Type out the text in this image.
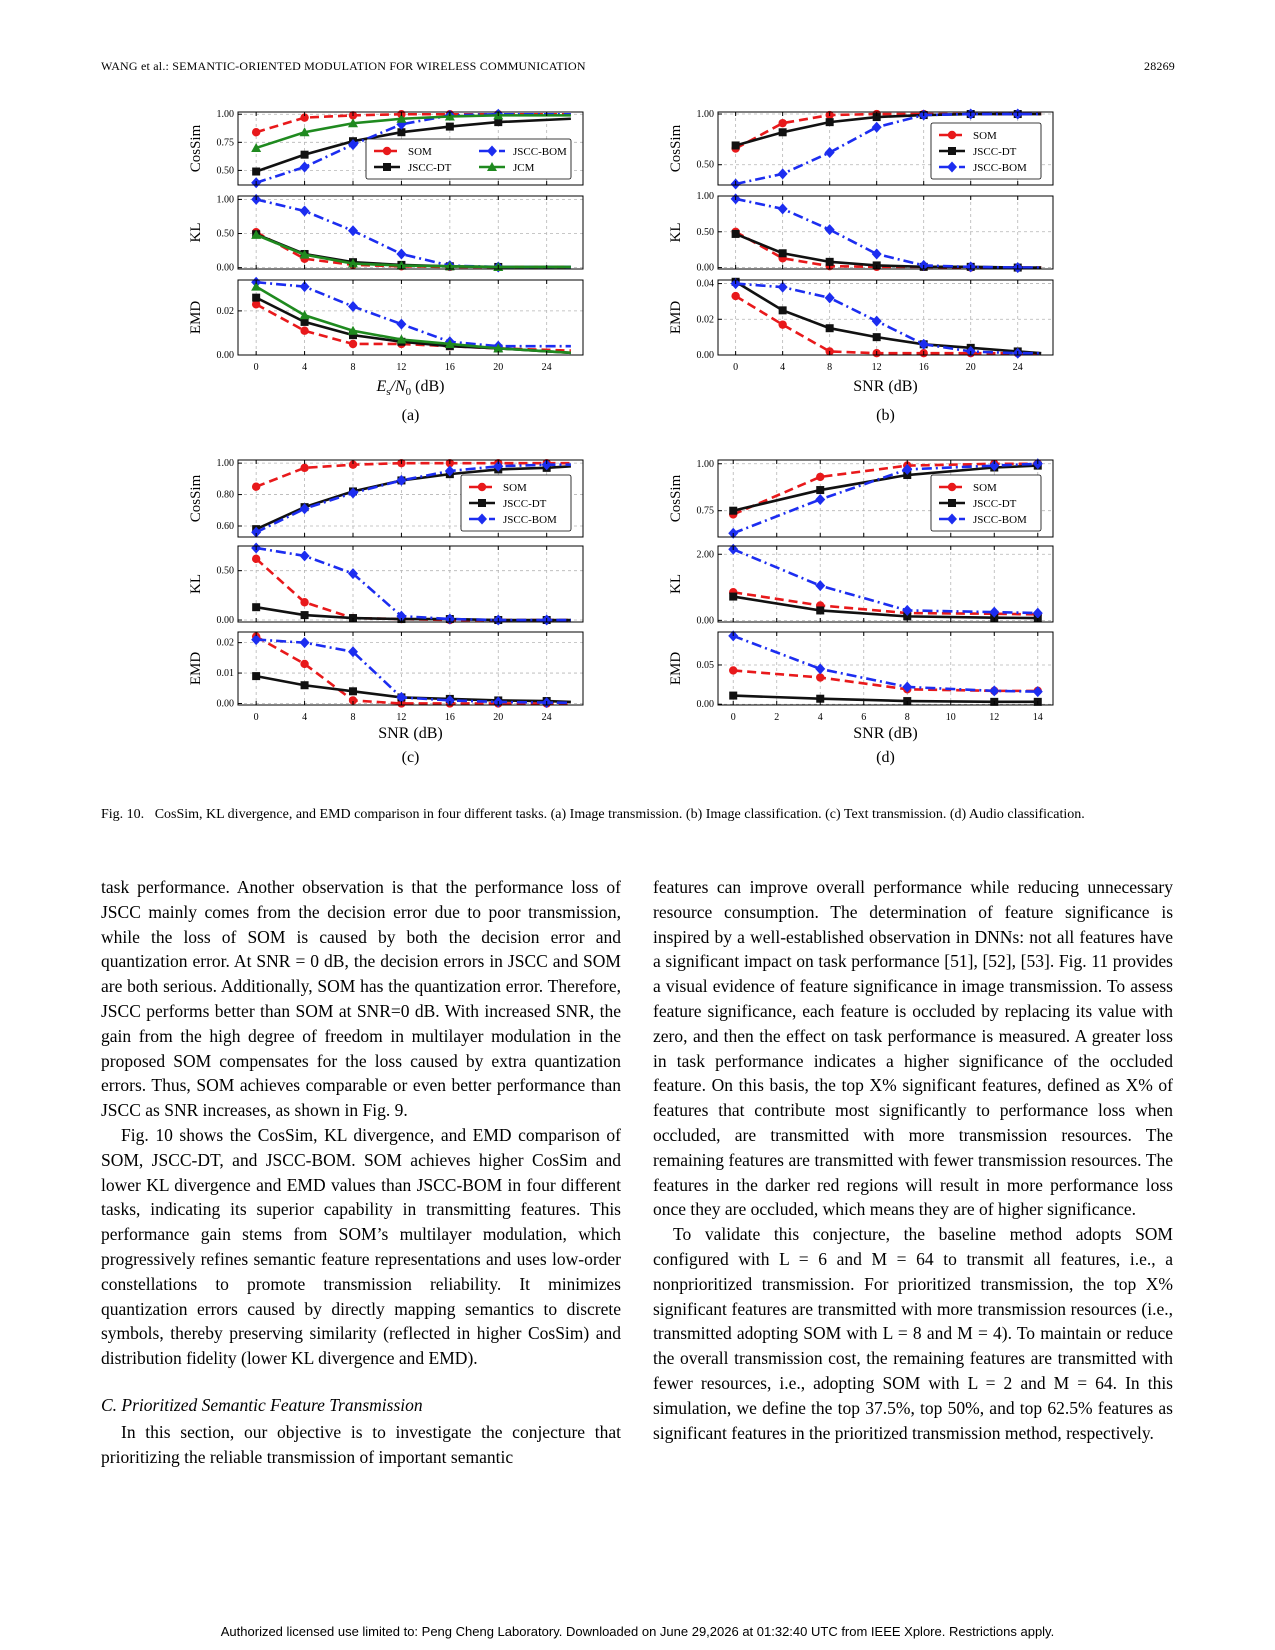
WANG et al.: SEMANTIC-ORIENTED MODULATION FOR WIRELESS COMMUNICATION	28269
0.50
0.75
1.00
CosSim	SOM	JSCC-BOM
JSCC-DT	JCM
0.00
0.50
1.00
KL
0.00
0.02
EMD
0	4	8	12	16	20	24
$E_s/N_0$ (dB)
(a)
0.50
1.00
CosSim	SOM
JSCC-DT
JSCC-BOM
0.00
0.50
1.00
KL
0.00
0.02
0.04
EMD
0	4	8	12	16	20	24
SNR (dB)
(b)
0.60
0.80
1.00
CosSim	SOM
JSCC-DT
JSCC-BOM
0.00
0.50
KL
0.00
0.01
0.02
EMD
0	4	8	12	16	20	24
SNR (dB)
(c)
0.75
1.00
CosSim	SOM
JSCC-DT
JSCC-BOM
0.00
2.00
KL
0.00
0.05
EMD
0	2	4	6	8	10	12	14
SNR (dB)
(d)
Fig. 10. CosSim, KL divergence, and EMD comparison in four different tasks. (a) Image transmission. (b) Image classification. (c) Text transmission. (d) Audio classification.

task performance. Another observation is that the performance loss of JSCC mainly comes from the decision error due to poor transmission, while the loss of SOM is caused by both the decision error and quantization error. At SNR = 0 dB, the decision errors in JSCC and SOM are both serious. Additionally, SOM has the quantization error. Therefore, JSCC performs better than SOM at SNR=0 dB. With increased SNR, the gain from the high degree of freedom in multilayer modulation in the proposed SOM compensates for the loss caused by extra quantization errors. Thus, SOM achieves comparable or even better performance than JSCC as SNR increases, as shown in Fig. 9.

Fig. 10 shows the CosSim, KL divergence, and EMD comparison of SOM, JSCC-DT, and JSCC-BOM. SOM achieves higher CosSim and lower KL divergence and EMD values than JSCC-BOM in four different tasks, indicating its superior capability in transmitting features. This performance gain stems from SOM’s multilayer modulation, which progressively refines semantic feature representations and uses low-order constellations to promote transmission reliability. It minimizes quantization errors caused by directly mapping semantics to discrete symbols, thereby preserving similarity (reflected in higher CosSim) and distribution fidelity (lower KL divergence and EMD).

C. Prioritized Semantic Feature Transmission

In this section, our objective is to investigate the conjecture that prioritizing the reliable transmission of important semantic

features can improve overall performance while reducing unnecessary resource consumption. The determination of feature significance is inspired by a well-established observation in DNNs: not all features have a significant impact on task performance [51], [52], [53]. Fig. 11 provides a visual evidence of feature significance in image transmission. To assess feature significance, each feature is occluded by replacing its value with zero, and then the effect on task performance is measured. A greater loss in task performance indicates a higher significance of the occluded feature. On this basis, the top X% significant features, defined as X% of features that contribute most significantly to performance loss when occluded, are transmitted with more transmission resources. The remaining features are transmitted with fewer transmission resources. The features in the darker red regions will result in more performance loss once they are occluded, which means they are of higher significance.

To validate this conjecture, the baseline method adopts SOM configured with L = 6 and M = 64 to transmit all features, i.e., a nonprioritized transmission. For prioritized transmission, the top X% significant features are transmitted with more transmission resources (i.e., transmitted adopting SOM with L = 8 and M = 4). To maintain or reduce the overall transmission cost, the remaining features are transmitted with fewer resources, i.e., adopting SOM with L = 2 and M = 64. In this simulation, we define the top 37.5%, top 50%, and top 62.5% features as significant features in the prioritized transmission method, respectively.

Authorized licensed use limited to: Peng Cheng Laboratory. Downloaded on June 29,2026 at 01:32:40 UTC from IEEE Xplore. Restrictions apply.
